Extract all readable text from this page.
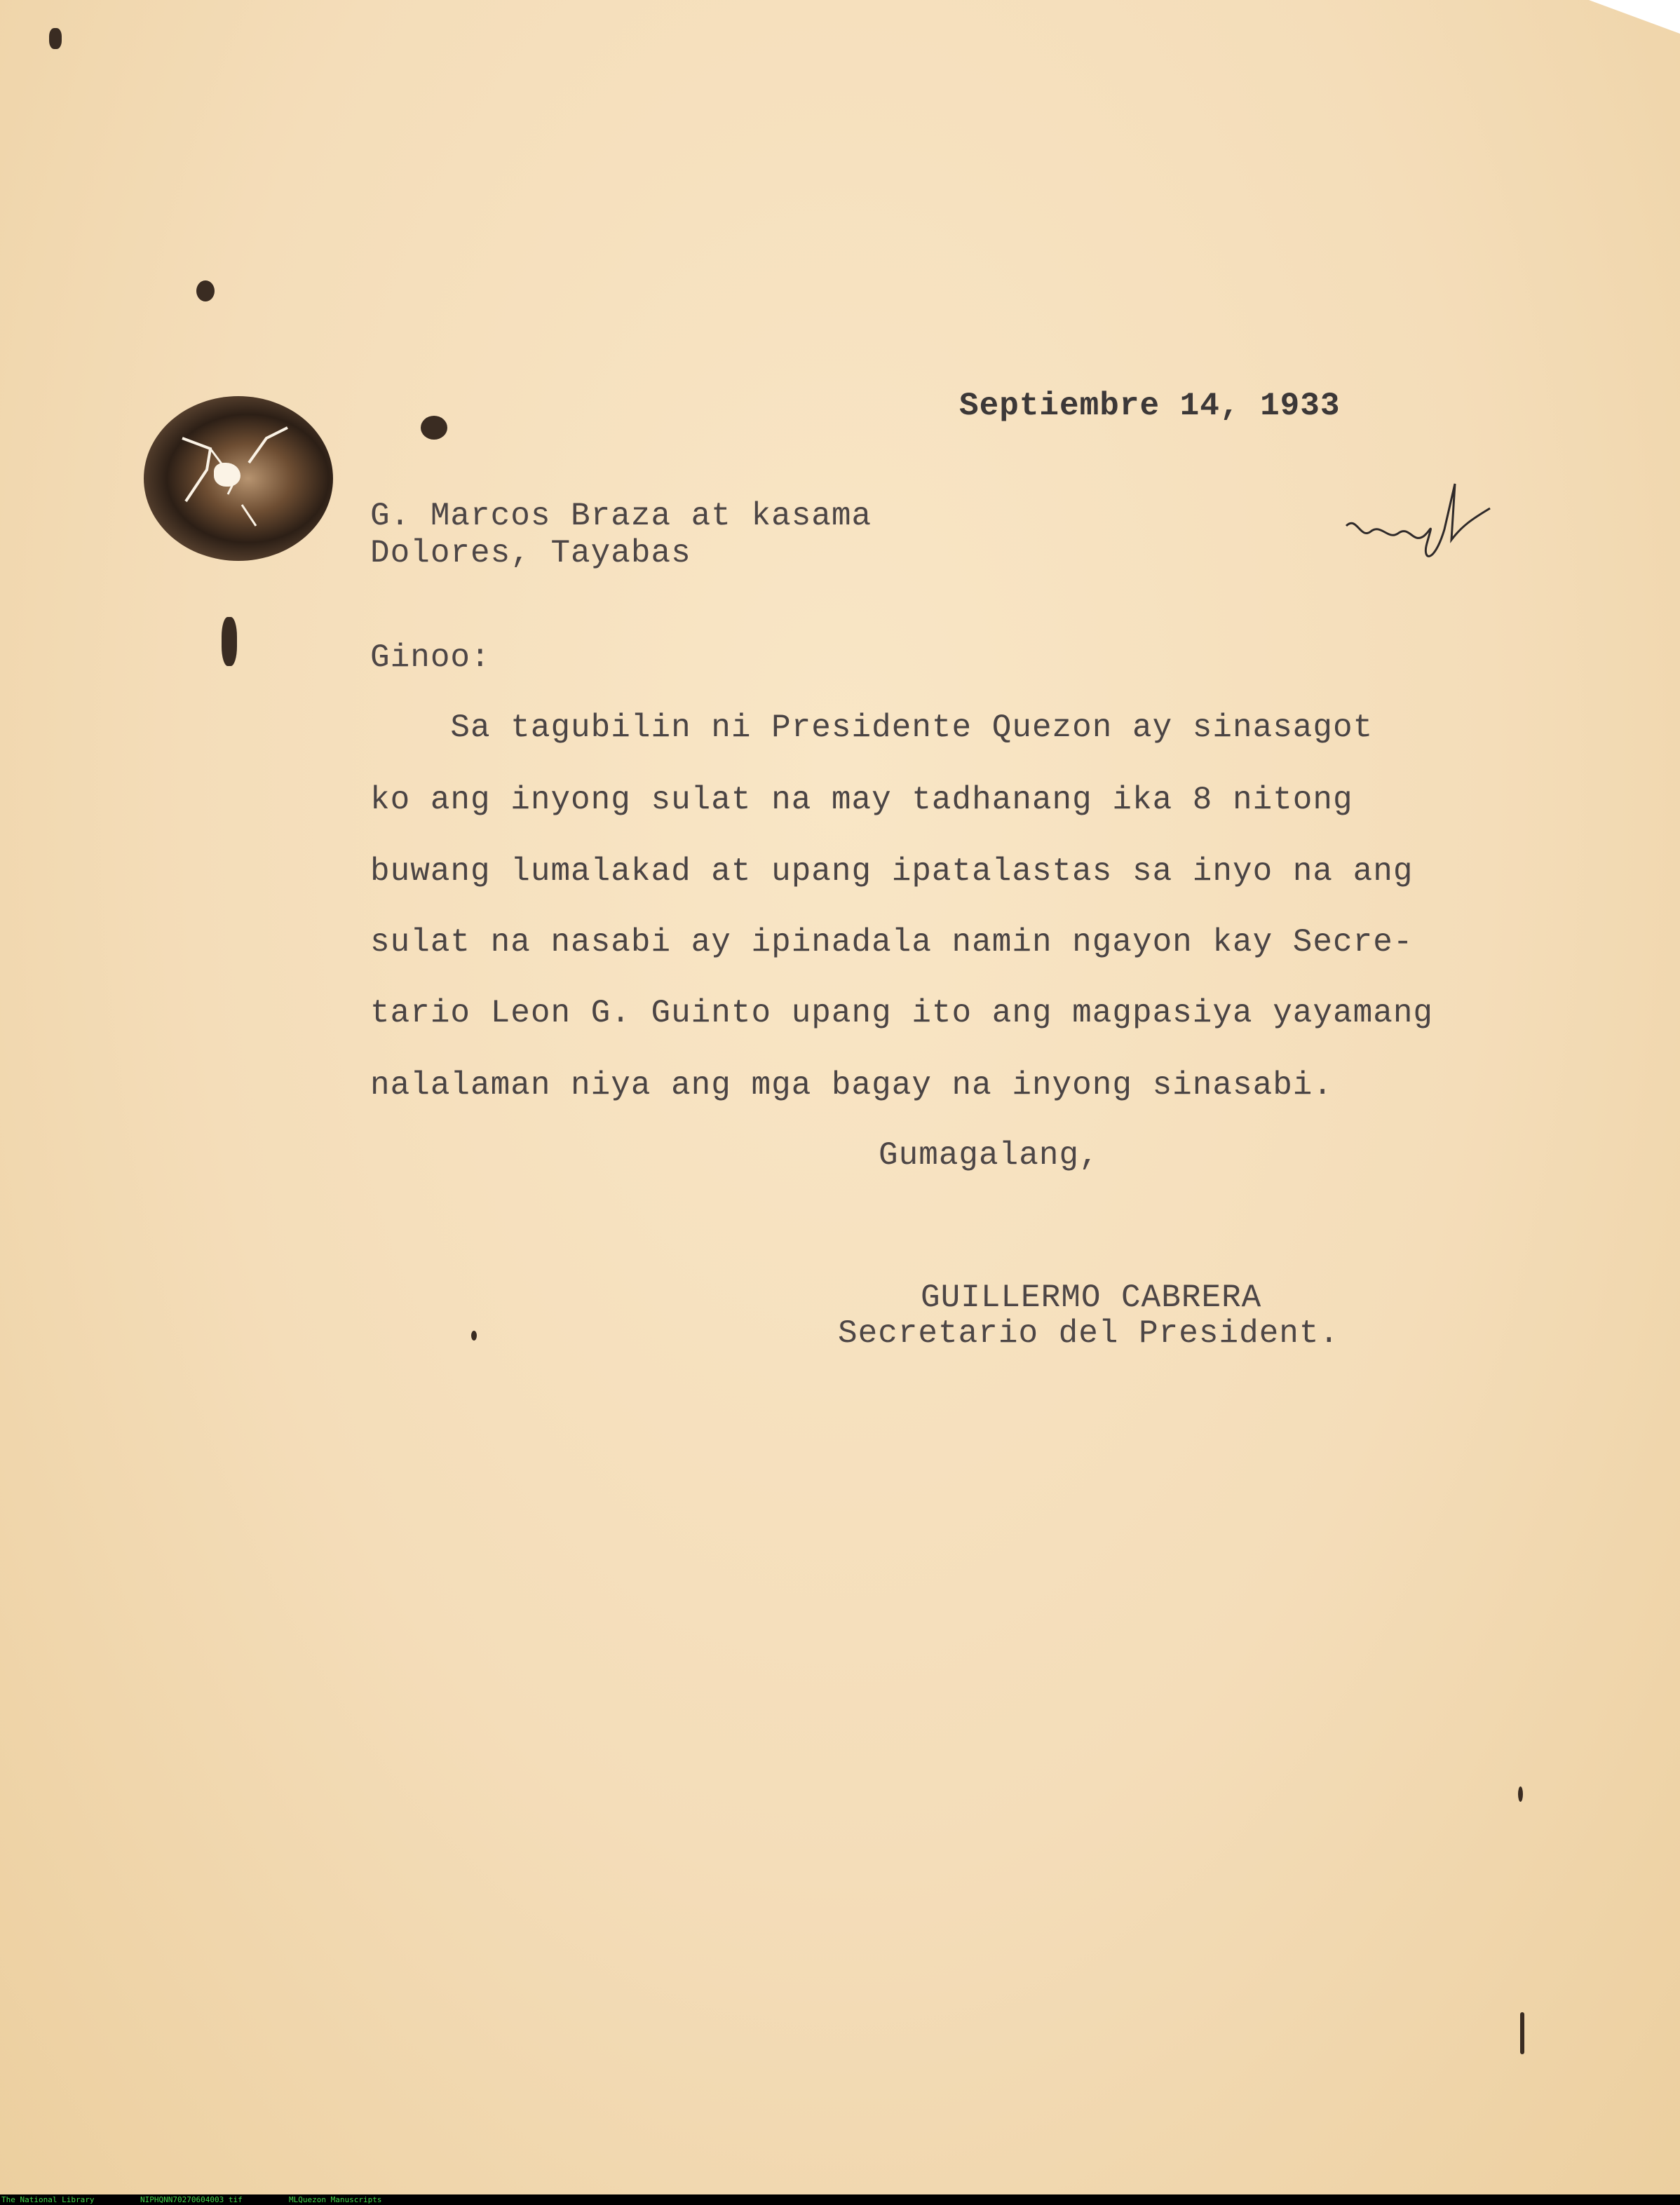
Septiembre 14, 1933
G. Marcos Braza at kasama
Dolores, Tayabas
Ginoo:
Sa tagubilin ni Presidente Quezon ay sinasagot
ko ang inyong sulat na may tadhanang ika 8 nitong
buwang lumalakad at upang ipatalastas sa inyo na ang
sulat na nasabi ay ipinadala namin ngayon kay Secre-
tario Leon G. Guinto upang ito ang magpasiya yayamang
nalalaman niya ang mga bagay na inyong sinasabi.
Gumagalang,
GUILLERMO CABRERA
Secretario del President.
The National Library	NIPHQNN70270604003 tif	MLQuezon Manuscripts
